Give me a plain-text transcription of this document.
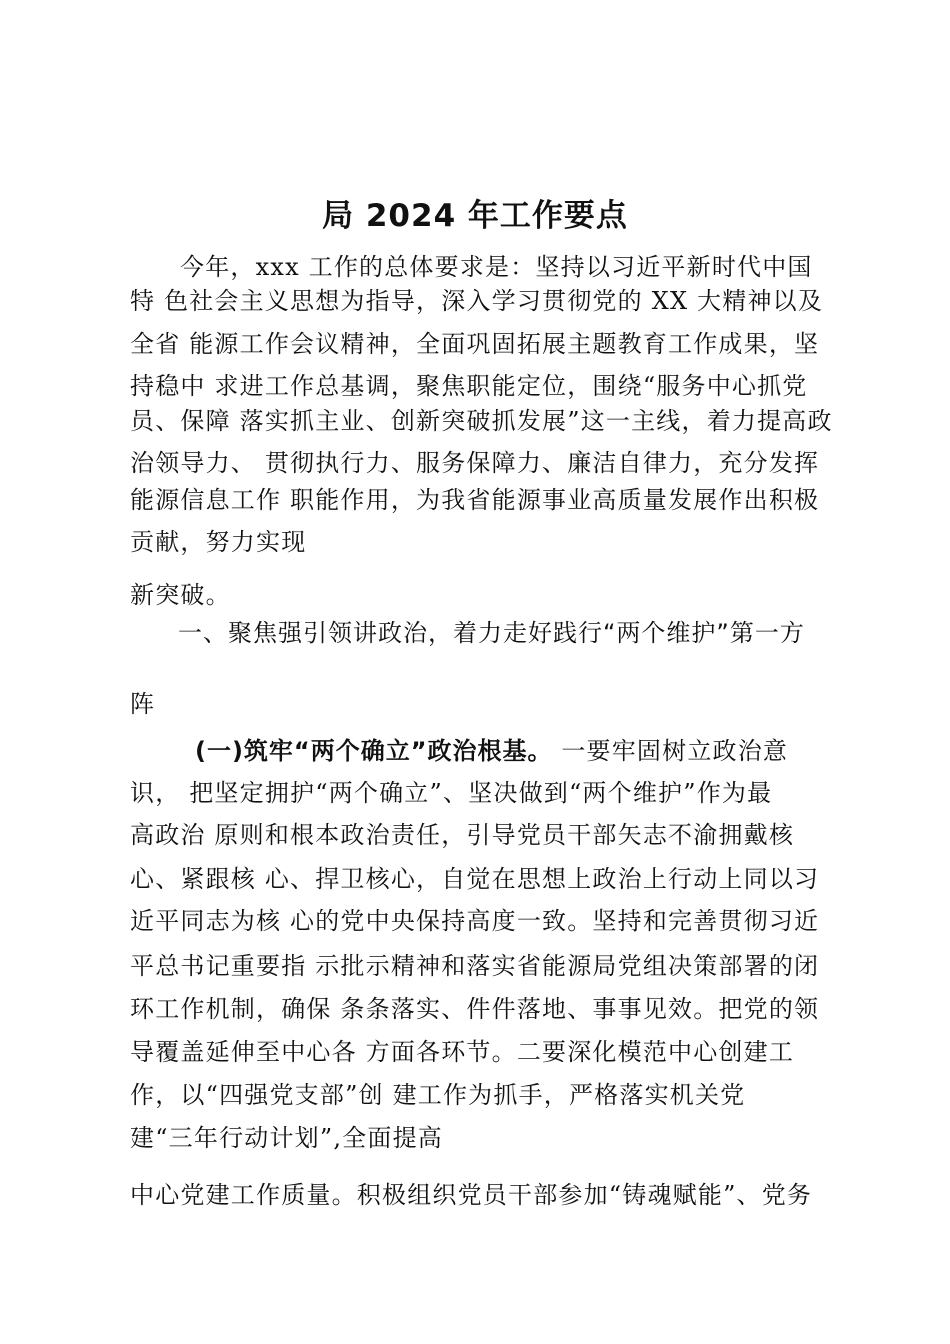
局 2024 年工作要点
今年，xxx 工作的总体要求是：坚持以习近平新时代中国
特 色社会主义思想为指导，深入学习贯彻党的 XX 大精神以及
全省 能源工作会议精神，全面巩固拓展主题教育工作成果，坚
持稳中 求进工作总基调，聚焦职能定位，围绕“服务中心抓党
员、保障 落实抓主业、创新突破抓发展”这一主线，着力提高政
治领导力、 贯彻执行力、服务保障力、廉洁自律力，充分发挥
能源信息工作 职能作用，为我省能源事业高质量发展作出积极
贡献，努力实现
新突破。
一、聚焦强引领讲政治，着力走好践行“两个维护”第一方
阵
(一)筑牢“两个确立”政治根基。 一要牢固树立政治意
识， 把坚定拥护“两个确立”、坚决做到“两个维护”作为最
高政治 原则和根本政治责任，引导党员干部矢志不渝拥戴核
心、紧跟核 心、捍卫核心，自觉在思想上政治上行动上同以习
近平同志为核 心的党中央保持高度一致。坚持和完善贯彻习近
平总书记重要指 示批示精神和落实省能源局党组决策部署的闭
环工作机制，确保 条条落实、件件落地、事事见效。把党的领
导覆盖延伸至中心各 方面各环节。二要深化模范中心创建工
作，以“四强党支部”创 建工作为抓手，严格落实机关党
建“三年行动计划”,全面提高
中心党建工作质量。积极组织党员干部参加“铸魂赋能”、党务
